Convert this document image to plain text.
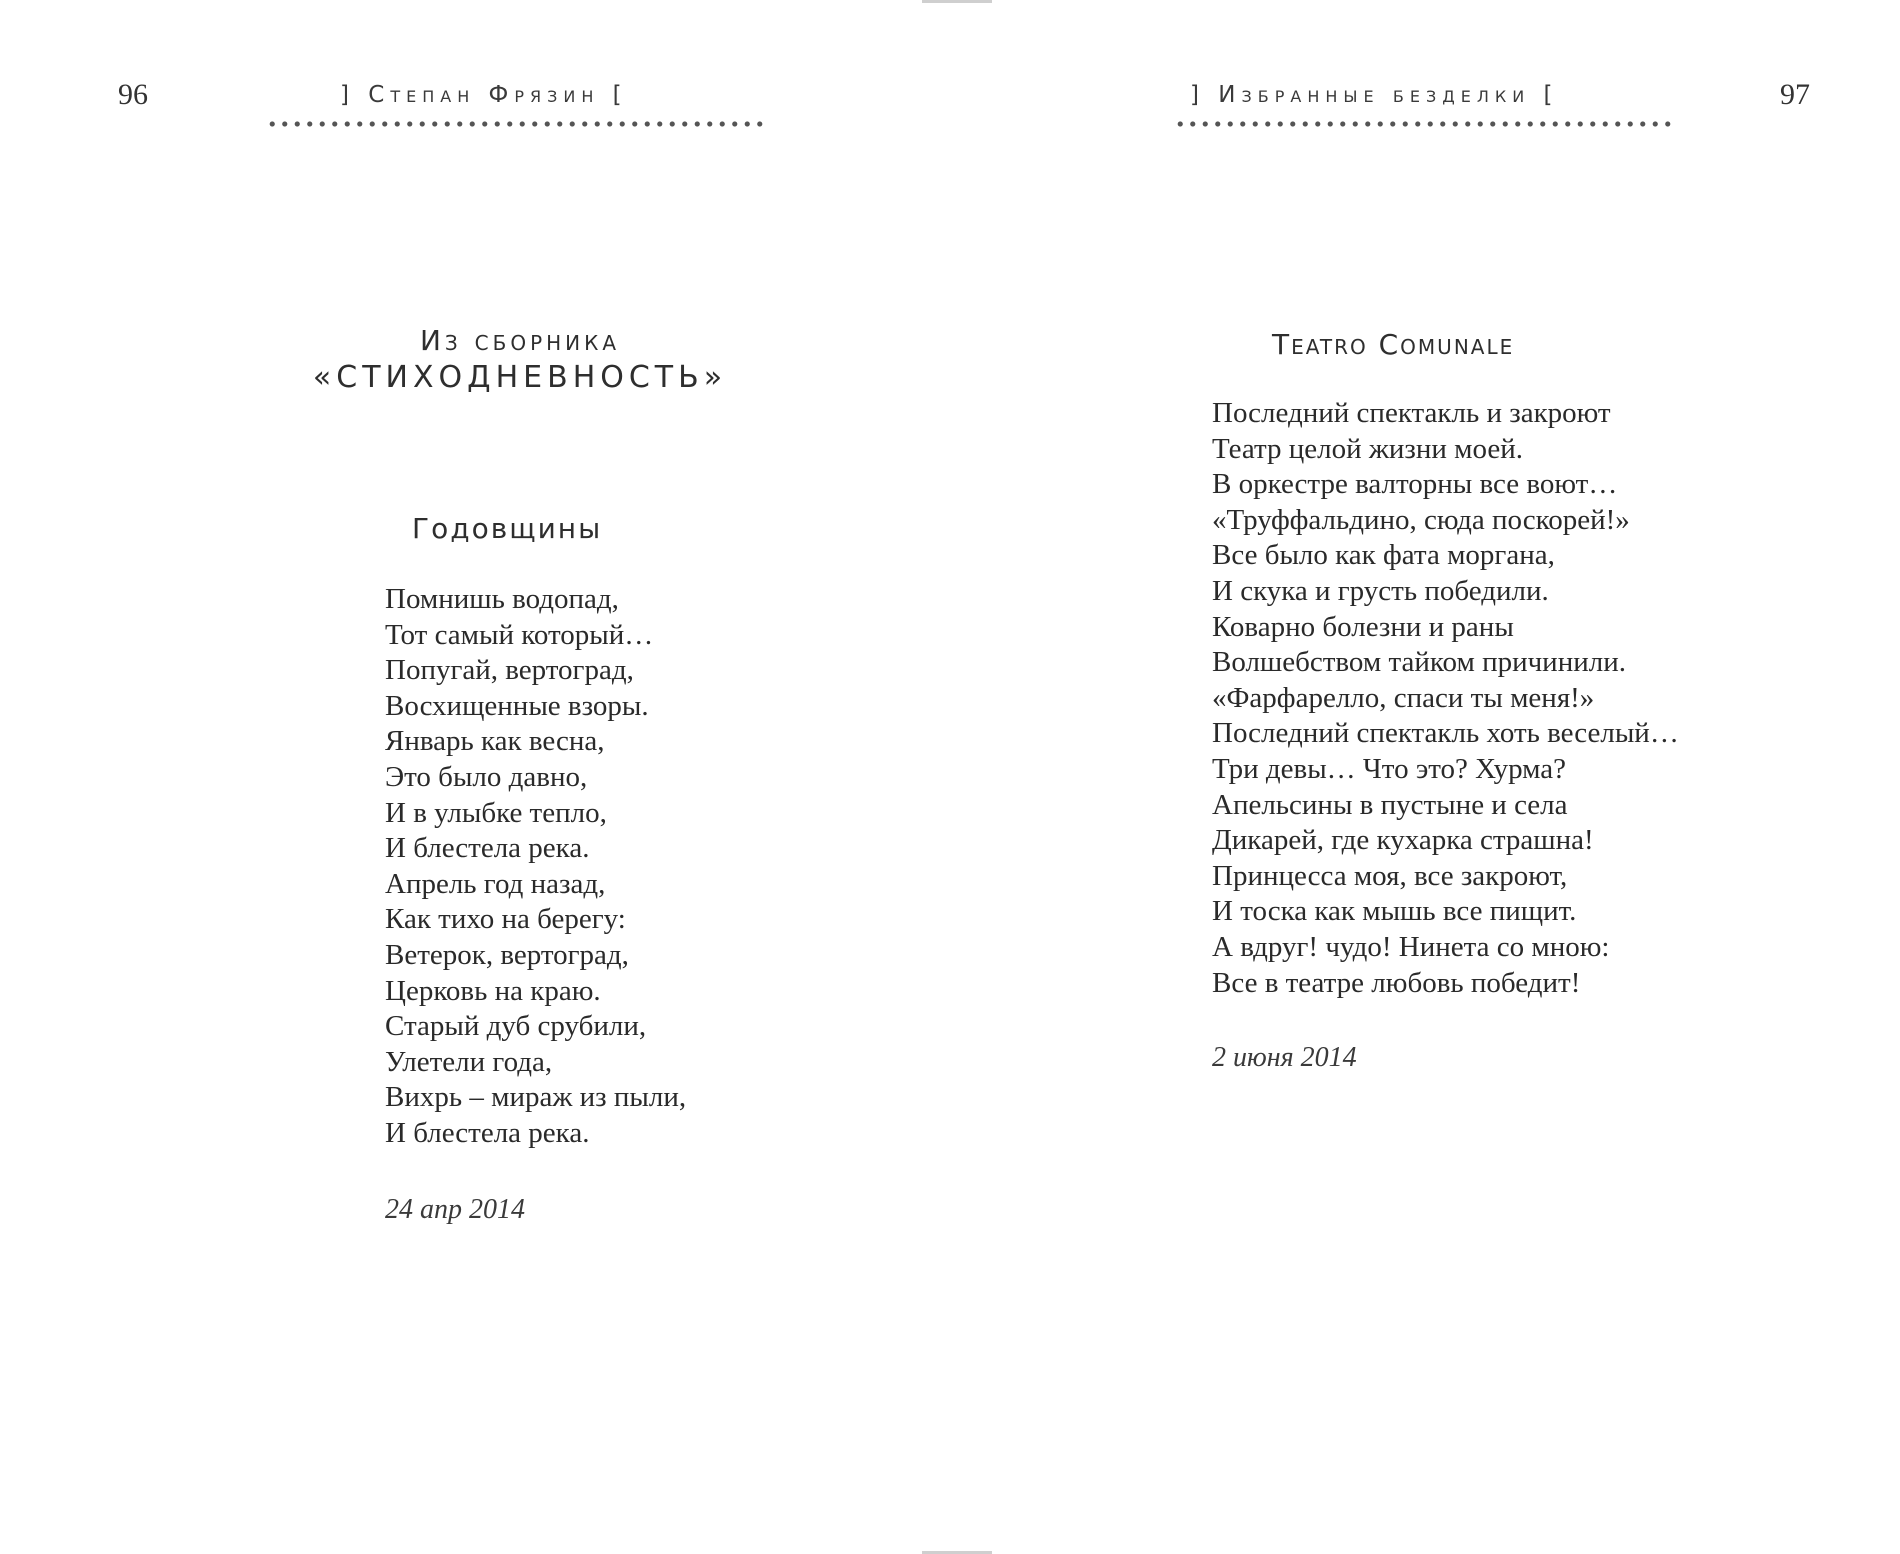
96	] Степан Фрязин [
Из сборника
«СТИХОДНЕВНОСТЬ»
Годовщины
Помнишь водопад,
Тот самый который…
Попугай, вертоград,
Восхищенные взоры.
Январь как весна,
Это было давно,
И в улыбке тепло,
И блестела река.
Апрель год назад,
Как тихо на берегу:
Ветерок, вертоград,
Церковь на краю.
Старый дуб срубили,
Улетели года,
Вихрь – мираж из пыли,
И блестела река.
24 апр 2014
] Избранные безделки [	97
Teatro Comunale
Последний спектакль и закроют
Театр целой жизни моей.
В оркестре валторны все воют…
«Труффальдино, сюда поскорей!»
Все было как фата моргана,
И скука и грусть победили.
Коварно болезни и раны
Волшебством тайком причинили.
«Фарфарелло, спаси ты меня!»
Последний спектакль хоть веселый…
Три девы… Что это? Хурма?
Апельсины в пустыне и села
Дикарей, где кухарка страшна!
Принцесса моя, все закроют,
И тоска как мышь все пищит.
А вдруг! чудо! Нинета со мною:
Все в театре любовь победит!
2 июня 2014
